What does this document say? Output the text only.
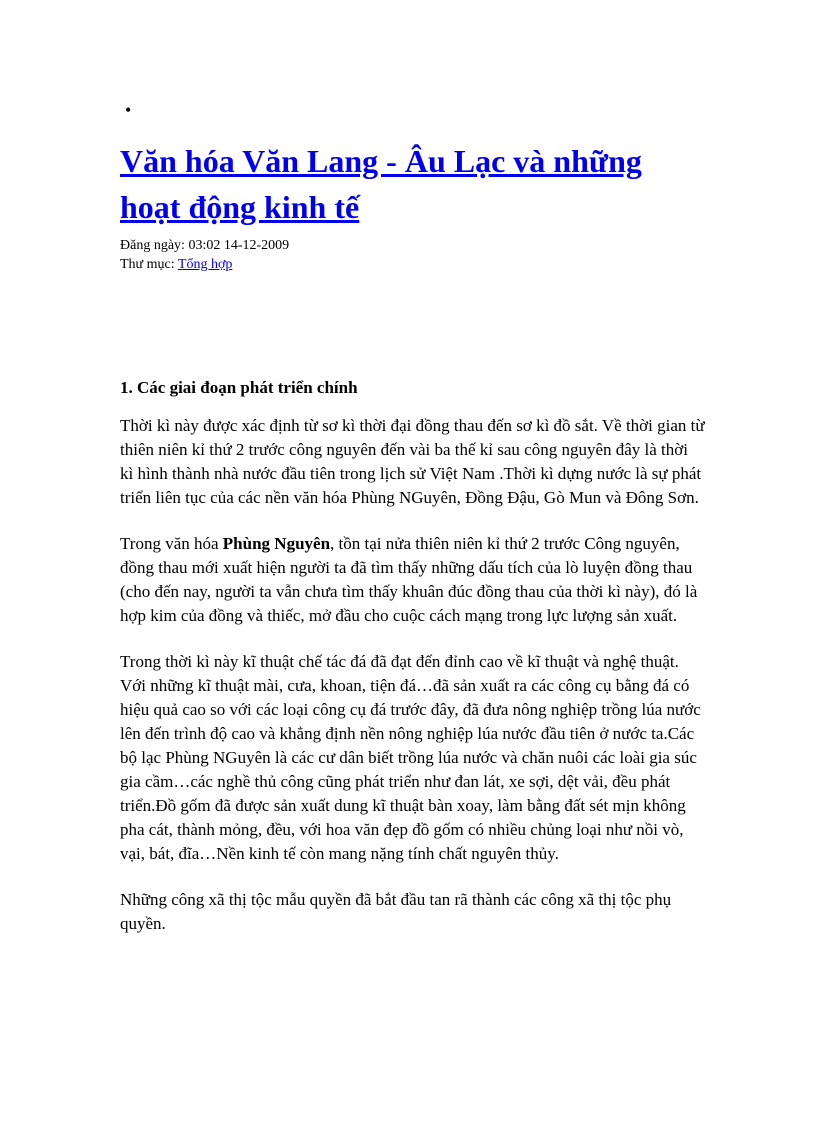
•
Văn hóa Văn Lang - Âu Lạc và những
hoạt động kinh tế
Đăng ngày: 03:02 14-12-2009
Thư mục: Tổng hợp
1. Các giai đoạn phát triển chính

Thời kì này được xác định từ sơ kì thời đại đồng thau đến sơ kì đồ sắt. Về thời gian từ thiên niên kỉ thứ 2 trước công nguyên đến vài ba thế kỉ sau công nguyên đây là thời kì hình thành nhà nước đầu tiên trong lịch sử Việt Nam .Thời kì dựng nước là sự phát triển liên tục của các nền văn hóa Phùng NGuyên, Đồng Đậu, Gò Mun và Đông Sơn.

Trong văn hóa Phùng Nguyên, tồn tại nửa thiên niên kỉ thứ 2 trước Công nguyên, đồng thau mới xuất hiện người ta đã tìm thấy những dấu tích của lò luyện đồng thau (cho đến nay, người ta vẫn chưa tìm thấy khuân đúc đồng thau của thời kì này), đó là hợp kim của đồng và thiếc, mở đầu cho cuộc cách mạng trong lực lượng sản xuất.

Trong thời kì này kĩ thuật chế tác đá đã đạt đến đỉnh cao về kĩ thuật và nghệ thuật. Với những kĩ thuật mài, cưa, khoan, tiện đá…đã sản xuất ra các công cụ bằng đá có hiệu quả cao so với các loại công cụ đá trước đây, đã đưa nông nghiệp trồng lúa nước lên đến trình độ cao và khẳng định nền nông nghiệp lúa nước đầu tiên ở nước ta.Các bộ lạc Phùng NGuyên là các cư dân biết trồng lúa nước và chăn nuôi các loài gia súc gia cầm…các nghề thủ công cũng phát triển như đan lát, xe sợi, dệt vải, đều phát triển.Đồ gốm đã được sản xuất dung kĩ thuật bàn xoay, làm bằng đất sét mịn không pha cát, thành mỏng, đều, với hoa văn đẹp đồ gốm có nhiều chủng loại như nồi vò, vại, bát, đĩa…Nền kinh tế còn mang nặng tính chất nguyên thủy.

Những công xã thị tộc mẫu quyền đã bắt đầu tan rã thành các công xã thị tộc phụ quyền.
